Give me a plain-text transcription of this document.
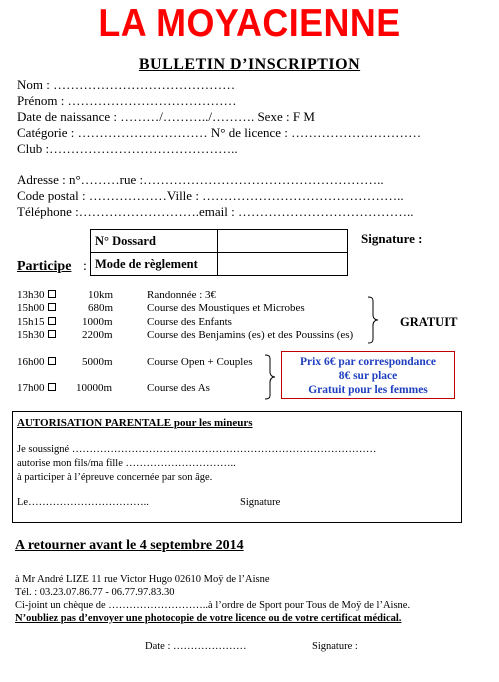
LA MOYACIENNE
BULLETIN D’INSCRIPTION
Nom : ……………………………………
Prénom : …………………………………
Date de naissance : ………/………../………. Sexe : F M
Catégorie : ………………………… N° de licence : …………………………
Club :……………………………………..
Adresse : n°………rue :………………………………………………..
Code postal : ………………Ville : ………………………………………..
Téléphone :……………………….email : …………………………………..
N° Dossard	
Mode de règlement	
Signature :
Participe :
13h30	10km	Randonnée : 3€
15h00	680m	Course des Moustiques et Microbes
15h15	1000m	Course des Enfants
15h30	2200m	Course des Benjamins (es) et des Poussins (es)
16h00	5000m	Course Open + Couples
17h00	10000m	Course des As
GRATUIT
Prix 6€ par correspondance
8€ sur place
Gratuit pour les femmes
AUTORISATION PARENTALE pour les mineurs
Je soussigné ……………………………………………………………………………
autorise mon fils/ma fille …………………………..
à participer à l’épreuve concernée par son âge.
Le……………………………..	Signature
A retourner avant le 4 septembre 2014
à Mr André LIZE 11 rue Victor Hugo 02610 Moÿ de l’Aisne
Tél. : 03.23.07.86.77 - 06.77.97.83.30
Ci-joint un chèque de ………………………..à l’ordre de Sport pour Tous de Moÿ de l’Aisne.
N’oubliez pas d’envoyer une photocopie de votre licence ou de votre certificat médical.
Date : …………………	Signature :
